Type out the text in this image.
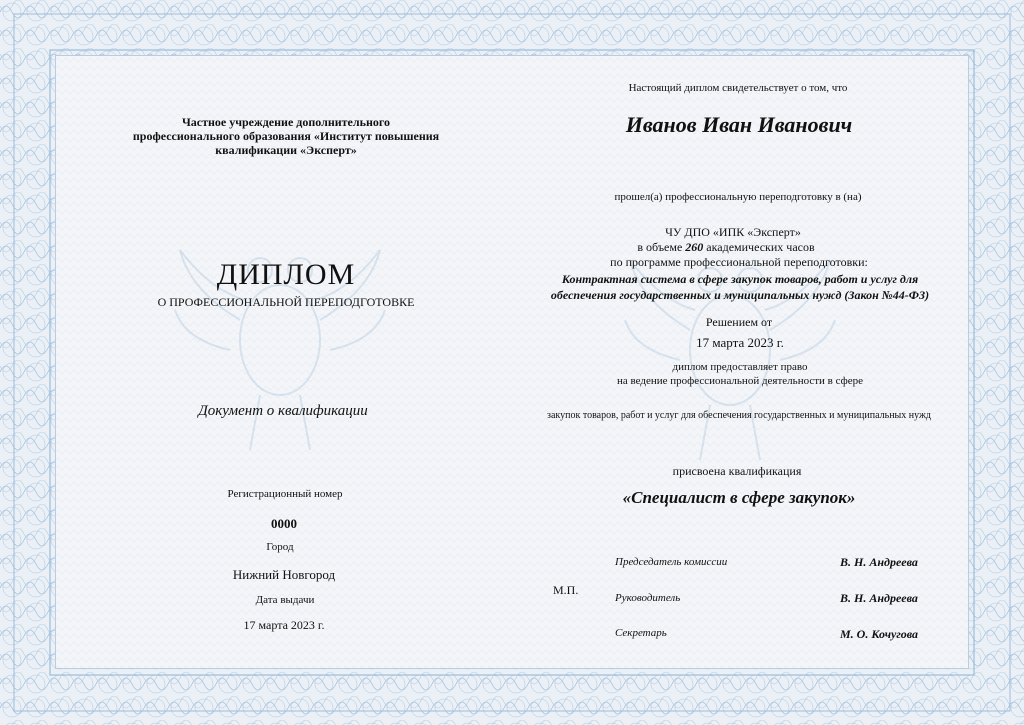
Частное учреждение дополнительного
профессионального образования «Институт повышения
квалификации «Эксперт»
ДИПЛОМ
О ПРОФЕССИОНАЛЬНОЙ ПЕРЕПОДГОТОВКЕ
Документ о квалификации
Регистрационный номер
0000
Город
Нижний Новгород
Дата выдачи
17 марта 2023 г.
Настоящий диплом свидетельствует о том, что
Иванов Иван Иванович
прошел(а) профессиональную переподготовку в (на)
ЧУ ДПО «ИПК «Эксперт»
в объеме 260 академических часов
по программе профессиональной переподготовки:
Контрактная система в сфере закупок товаров, работ и услуг для
обеспечения государственных и муниципальных нужд (Закон №44-ФЗ)
Решением от
17 марта 2023 г.
диплом предоставляет право
на ведение профессиональной деятельности в сфере
закупок товаров, работ и услуг для обеспечения государственных и муниципальных нужд
присвоена квалификация
«Специалист в сфере закупок»
М.П.
Председатель комиссии	В. Н. Андреева
Руководитель	В. Н. Андреева
Секретарь	М. О. Кочугова
